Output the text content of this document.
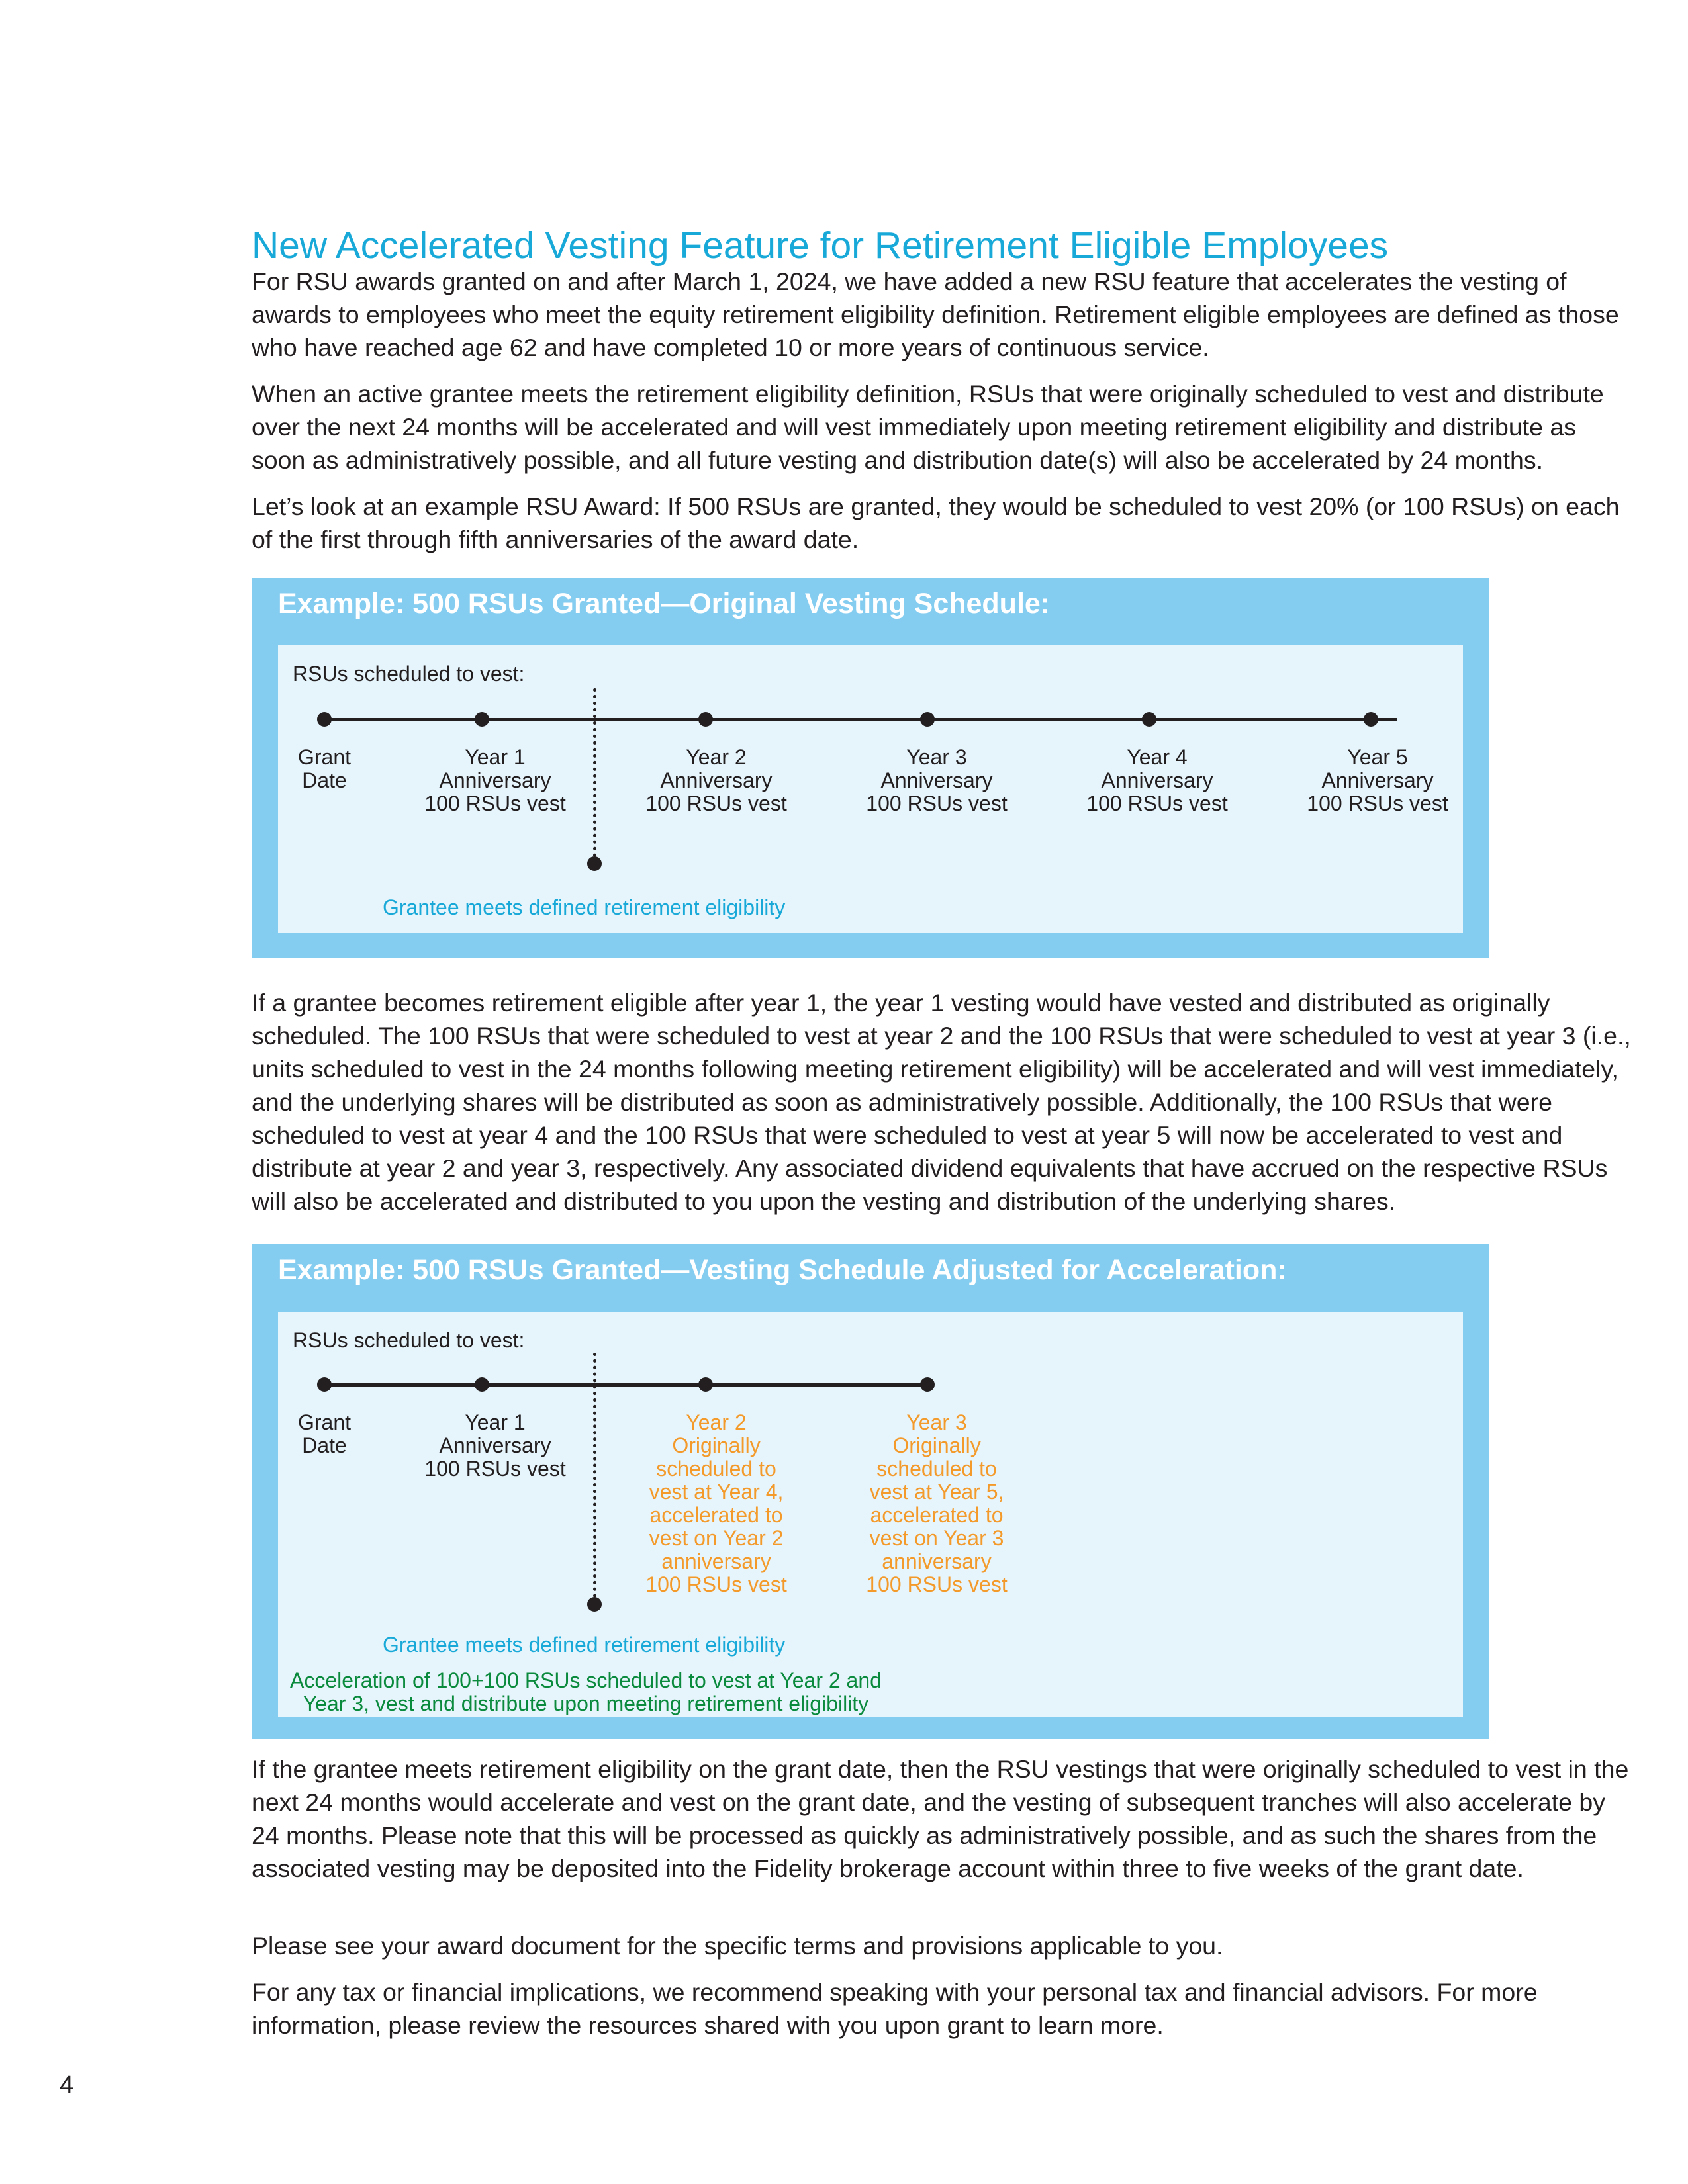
New Accelerated Vesting Feature for Retirement Eligible Employees

For RSU awards granted on and after March 1, 2024, we have added a new RSU feature that accelerates the vesting of awards to employees who meet the equity retirement eligibility definition. Retirement eligible employees are defined as those who have reached age 62 and have completed 10 or more years of continuous service.

When an active grantee meets the retirement eligibility definition, RSUs that were originally scheduled to vest and distribute over the next 24 months will be accelerated and will vest immediately upon meeting retirement eligibility and distribute as soon as administratively possible, and all future vesting and distribution date(s) will also be accelerated by 24 months.

Let’s look at an example RSU Award: If 500 RSUs are granted, they would be scheduled to vest 20% (or 100 RSUs) on each of the first through fifth anniversaries of the award date.

Example: 500 RSUs Granted—Original Vesting Schedule:

RSUs scheduled to vest:

Grant
Date
Year 1
Anniversary
100 RSUs vest
Year 2
Anniversary
100 RSUs vest
Year 3
Anniversary
100 RSUs vest
Year 4
Anniversary
100 RSUs vest
Year 5
Anniversary
100 RSUs vest

Grantee meets defined retirement eligibility

If a grantee becomes retirement eligible after year 1, the year 1 vesting would have vested and distributed as originally scheduled. The 100 RSUs that were scheduled to vest at year 2 and the 100 RSUs that were scheduled to vest at year 3 (i.e., units scheduled to vest in the 24 months following meeting retirement eligibility) will be accelerated and will vest immediately, and the underlying shares will be distributed as soon as administratively possible. Additionally, the 100 RSUs that were scheduled to vest at year 4 and the 100 RSUs that were scheduled to vest at year 5 will now be accelerated to vest and distribute at year 2 and year 3, respectively. Any associated dividend equivalents that have accrued on the respective RSUs will also be accelerated and distributed to you upon the vesting and distribution of the underlying shares.

Example: 500 RSUs Granted—Vesting Schedule Adjusted for Acceleration:

RSUs scheduled to vest:

Grant
Date
Year 1
Anniversary
100 RSUs vest
Year 2
Originally
scheduled to
vest at Year 4,
accelerated to
vest on Year 2
anniversary
100 RSUs vest
Year 3
Originally
scheduled to
vest at Year 5,
accelerated to
vest on Year 3
anniversary
100 RSUs vest

Grantee meets defined retirement eligibility

Acceleration of 100+100 RSUs scheduled to vest at Year 2 and
Year 3, vest and distribute upon meeting retirement eligibility

If the grantee meets retirement eligibility on the grant date, then the RSU vestings that were originally scheduled to vest in the next 24 months would accelerate and vest on the grant date, and the vesting of subsequent tranches will also accelerate by 24 months. Please note that this will be processed as quickly as administratively possible, and as such the shares from the associated vesting may be deposited into the Fidelity brokerage account within three to five weeks of the grant date.

Please see your award document for the specific terms and provisions applicable to you.

For any tax or financial implications, we recommend speaking with your personal tax and financial advisors. For more information, please review the resources shared with you upon grant to learn more.

4
